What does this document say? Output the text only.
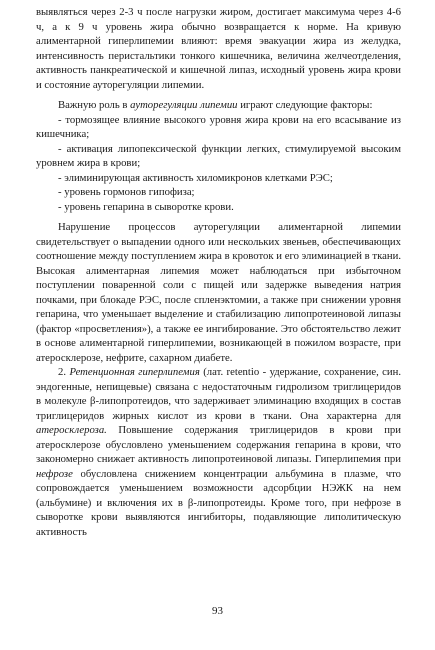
выявляться через 2-3 ч после нагрузки жиром, достигает максимума через 4-6 ч, а к 9 ч уровень жира обычно возвращается к норме. На кривую алиментарной гиперлипемии влияют: время эвакуации жира из желудка, интенсивность перистальтики тонкого кишечника, величина желчеотделения, активность панкреатической и кишечной липаз, исходный уровень жира крови и состояние ауторегуляции липемии.

Важную роль в ауторегуляции липемии играют следующие факторы:

- тормозящее влияние высокого уровня жира крови на его всасывание из кишечника;

- активация липопексической функции легких, стимулируемой высоким уровнем жира в крови;

- элиминирующая активность хиломикронов клетками РЭС;

- уровень гормонов гипофиза;

- уровень гепарина в сыворотке крови.

Нарушение процессов ауторегуляции алиментарной липемии свидетельствует о выпадении одного или нескольких звеньев, обеспечивающих соотношение между поступлением жира в кровоток и его элиминацией в ткани. Высокая алиментарная липемия может наблюдаться при избыточном поступлении поваренной соли с пищей или задержке выведения натрия почками, при блокаде РЭС, после спленэктомии, а также при снижении уровня гепарина, что уменьшает выделение и стабилизацию липопротеиновой липазы (фактор «просветления»), а также ее ингибирование. Это обстоятельство лежит в основе алиментарной гиперлипемии, возникающей в пожилом возрасте, при атеросклерозе, нефрите, сахарном диабете.

2. Ретенционная гиперлипемия (лат. retentio - удержание, сохранение, син. эндогенные, непищевые) связана с недостаточным гидролизом триглицеридов в молекуле β-липопротеидов, что задерживает элиминацию входящих в состав триглицеридов жирных кислот из крови в ткани. Она характерна для атеросклероза. Повышение содержания триглицеридов в крови при атеросклерозе обусловлено уменьшением содержания гепарина в крови, что закономерно снижает активность липопротеиновой липазы. Гиперлипемия при нефрозе обусловлена снижением концентрации альбумина в плазме, что сопровождается уменьшением возможности адсорбции НЭЖК на нем (альбумине) и включения их в β-липопротеиды. Кроме того, при нефрозе в сыворотке крови выявляются ингибиторы, подавляющие липолитическую активность

93
